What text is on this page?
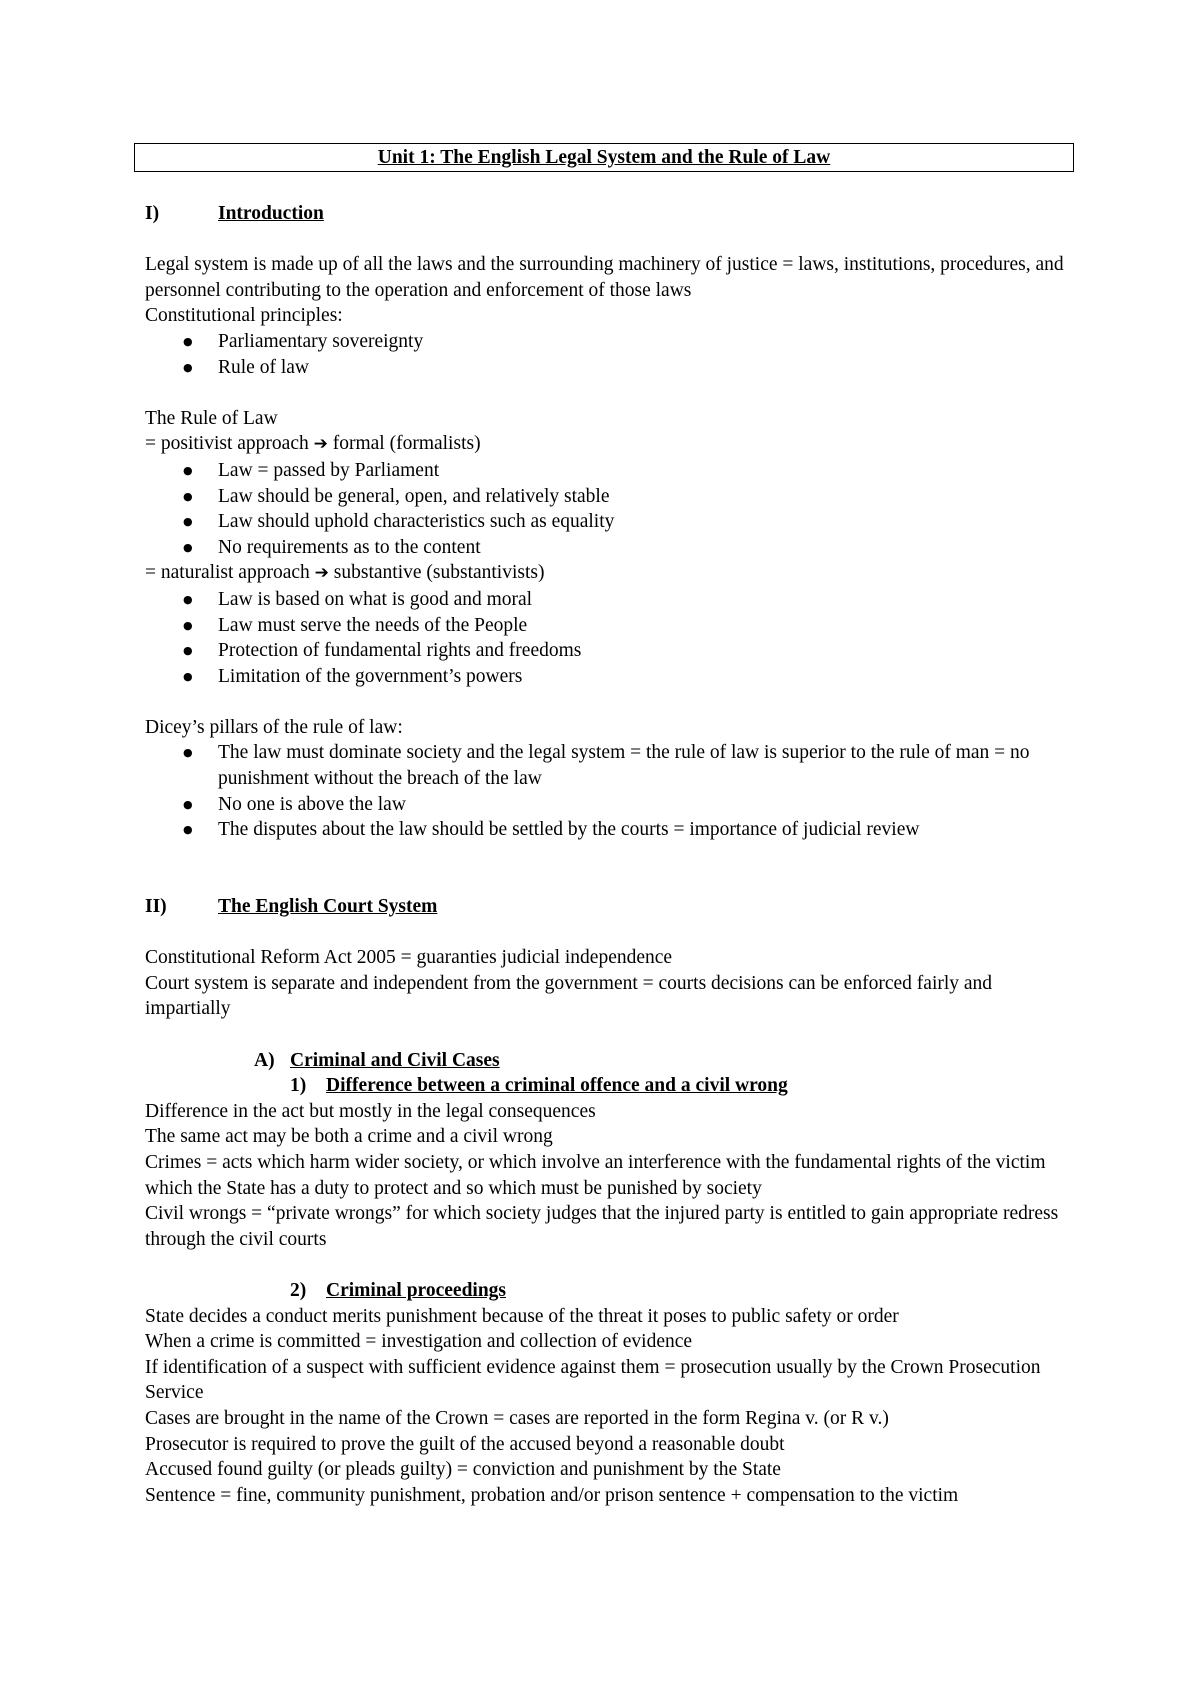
Unit 1: The English Legal System and the Rule of Law
I)	Introduction

Legal system is made up of all the laws and the surrounding machinery of justice = laws, institutions, procedures, and personnel contributing to the operation and enforcement of those laws

Constitutional principles:

● Parliamentary sovereignty
● Rule of law

The Rule of Law

= positivist approach ➔ formal (formalists)

● Law = passed by Parliament
● Law should be general, open, and relatively stable
● Law should uphold characteristics such as equality
● No requirements as to the content

= naturalist approach ➔ substantive (substantivists)

● Law is based on what is good and moral
● Law must serve the needs of the People
● Protection of fundamental rights and freedoms
● Limitation of the government’s powers

Dicey’s pillars of the rule of law:

● The law must dominate society and the legal system = the rule of law is superior to the rule of man = no punishment without the breach of the law
● No one is above the law
● The disputes about the law should be settled by the courts = importance of judicial review
II)	The English Court System

Constitutional Reform Act 2005 = guaranties judicial independence

Court system is separate and independent from the government = courts decisions can be enforced fairly and impartially

A) Criminal and Civil Cases
1)	Difference between a criminal offence and a civil wrong

Difference in the act but mostly in the legal consequences

The same act may be both a crime and a civil wrong

Crimes = acts which harm wider society, or which involve an interference with the fundamental rights of the victim which the State has a duty to protect and so which must be punished by society

Civil wrongs = “private wrongs” for which society judges that the injured party is entitled to gain appropriate redress through the civil courts

2)	Criminal proceedings

State decides a conduct merits punishment because of the threat it poses to public safety or order

When a crime is committed = investigation and collection of evidence

If identification of a suspect with sufficient evidence against them = prosecution usually by the Crown Prosecution Service

Cases are brought in the name of the Crown = cases are reported in the form Regina v. (or R v.)

Prosecutor is required to prove the guilt of the accused beyond a reasonable doubt

Accused found guilty (or pleads guilty) = conviction and punishment by the State

Sentence = fine, community punishment, probation and/or prison sentence + compensation to the victim
